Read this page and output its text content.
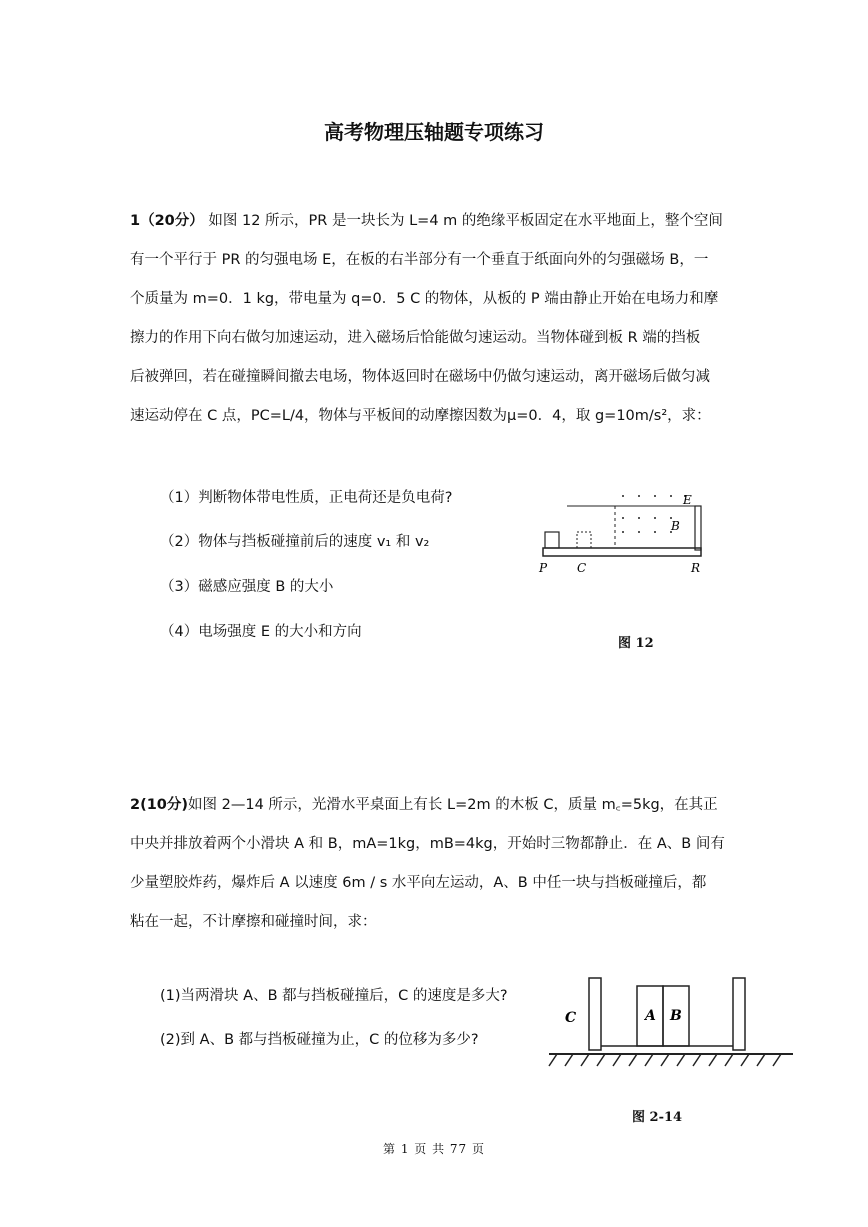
高考物理压轴题专项练习
1（20分） 如图 12 所示，PR 是一块长为 L=4 m 的绝缘平板固定在水平地面上，整个空间
有一个平行于 PR 的匀强电场 E，在板的右半部分有一个垂直于纸面向外的匀强磁场 B，一
个质量为 m=0．1 kg，带电量为 q=0．5 C 的物体，从板的 P 端由静止开始在电场力和摩
擦力的作用下向右做匀加速运动，进入磁场后恰能做匀速运动。当物体碰到板 R 端的挡板
后被弹回，若在碰撞瞬间撤去电场，物体返回时在磁场中仍做匀速运动，离开磁场后做匀减
速运动停在 C 点，PC=L/4，物体与平板间的动摩擦因数为μ=0．4，取 g=10m/s²，求：
（1）判断物体带电性质，正电荷还是负电荷?
（2）物体与挡板碰撞前后的速度 v₁ 和 v₂
（3）磁感应强度 B 的大小
（4）电场强度 E 的大小和方向
E
B
P C	R
图 12
2(10分)如图 2—14 所示，光滑水平桌面上有长 L=2m 的木板 C，质量 m꜀=5kg，在其正
中央并排放着两个小滑块 A 和 B，mA=1kg，mB=4kg，开始时三物都静止．在 A、B 间有
少量塑胶炸药，爆炸后 A 以速度 6m / s 水平向左运动，A、B 中任一块与挡板碰撞后，都
粘在一起，不计摩擦和碰撞时间，求：
(1)当两滑块 A、B 都与挡板碰撞后，C 的速度是多大?
(2)到 A、B 都与挡板碰撞为止，C 的位移为多少?
C	A B
图 2-14
第 1 页 共 77 页
